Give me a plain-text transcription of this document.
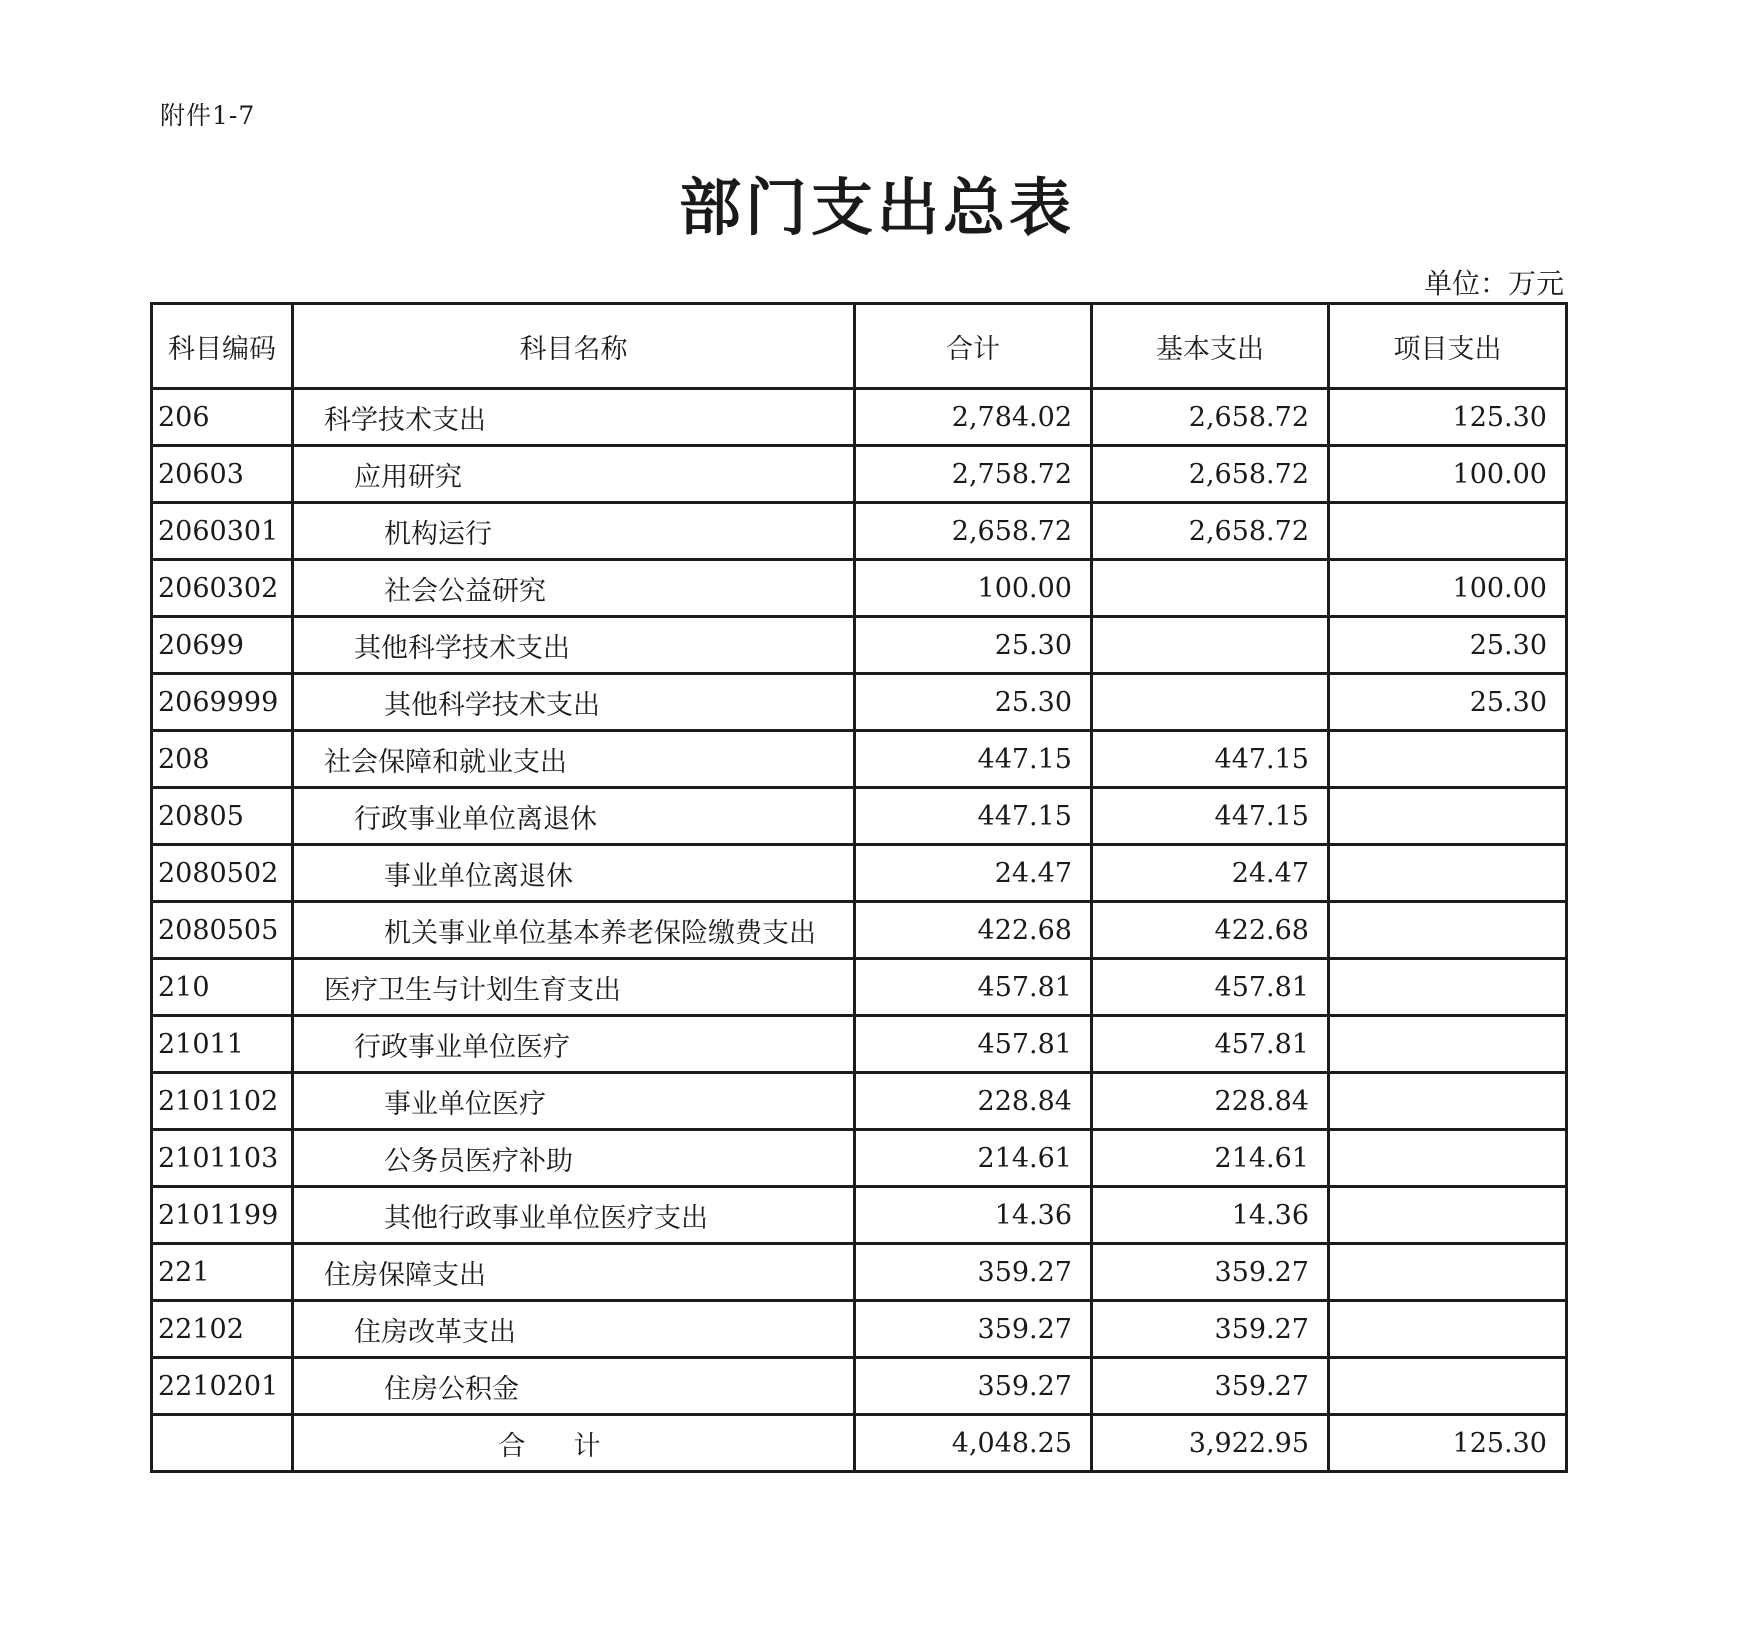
附件1-7
部门支出总表
单位：万元
科目编码	科目名称	合计	基本支出	项目支出
206	科学技术支出	2,784.02	2,658.72	125.30
20603	应用研究	2,758.72	2,658.72	100.00
2060301	机构运行	2,658.72	2,658.72	
2060302	社会公益研究	100.00		100.00
20699	其他科学技术支出	25.30		25.30
2069999	其他科学技术支出	25.30		25.30
208	社会保障和就业支出	447.15	447.15	
20805	行政事业单位离退休	447.15	447.15	
2080502	事业单位离退休	24.47	24.47	
2080505	机关事业单位基本养老保险缴费支出	422.68	422.68	
210	医疗卫生与计划生育支出	457.81	457.81	
21011	行政事业单位医疗	457.81	457.81	
2101102	事业单位医疗	228.84	228.84	
2101103	公务员医疗补助	214.61	214.61	
2101199	其他行政事业单位医疗支出	14.36	14.36	
221	住房保障支出	359.27	359.27	
22102	住房改革支出	359.27	359.27	
2210201	住房公积金	359.27	359.27	
	合计	4,048.25	3,922.95	125.30
